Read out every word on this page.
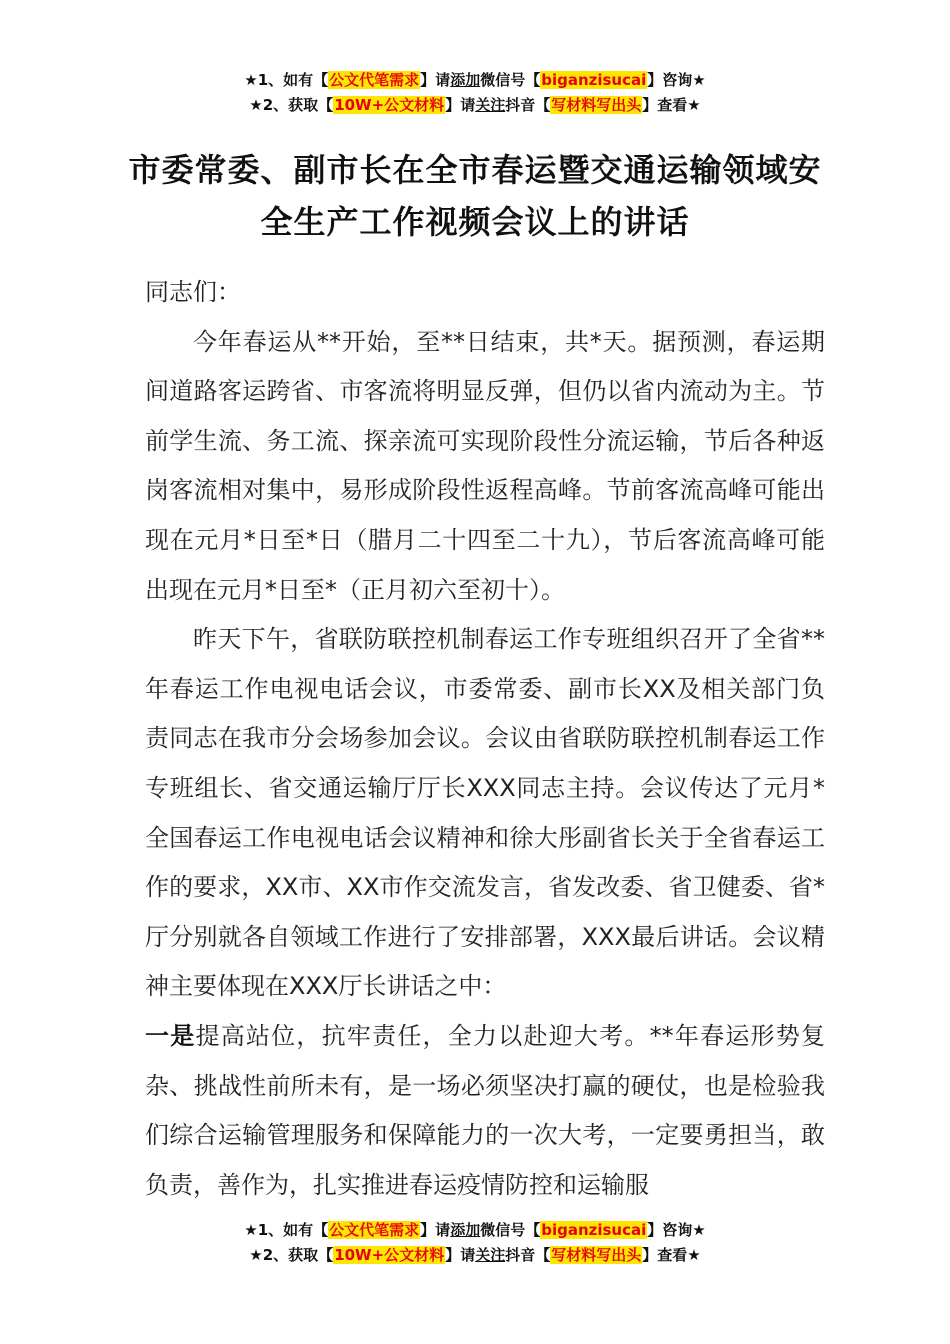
★1、如有【公文代笔需求】请添加微信号【biganzisucai】咨询★
★2、获取【10W+公文材料】请关注抖音【写材料写出头】查看★
市委常委、副市长在全市春运暨交通运输领域安全生产工作视频会议上的讲话

同志们：

今年春运从**开始，至**日结束，共*天。据预测，春运期间道路客运跨省、市客流将明显反弹，但仍以省内流动为主。节前学生流、务工流、探亲流可实现阶段性分流运输，节后各种返岗客流相对集中，易形成阶段性返程高峰。节前客流高峰可能出现在元月*日至*日（腊月二十四至二十九），节后客流高峰可能出现在元月*日至*（正月初六至初十）。

昨天下午，省联防联控机制春运工作专班组织召开了全省**年春运工作电视电话会议，市委常委、副市长XX及相关部门负责同志在我市分会场参加会议。会议由省联防联控机制春运工作专班组长、省交通运输厅厅长XXX同志主持。会议传达了元月*全国春运工作电视电话会议精神和徐大彤副省长关于全省春运工作的要求，XX市、XX市作交流发言，省发改委、省卫健委、省*厅分别就各自领域工作进行了安排部署，XXX最后讲话。会议精神主要体现在XXX厅长讲话之中：

一是提高站位，抗牢责任，全力以赴迎大考。**年春运形势复杂、挑战性前所未有，是一场必须坚决打赢的硬仗，也是检验我们综合运输管理服务和保障能力的一次大考，一定要勇担当，敢负责，善作为，扎实推进春运疫情防控和运输服

★1、如有【公文代笔需求】请添加微信号【biganzisucai】咨询★
★2、获取【10W+公文材料】请关注抖音【写材料写出头】查看★
